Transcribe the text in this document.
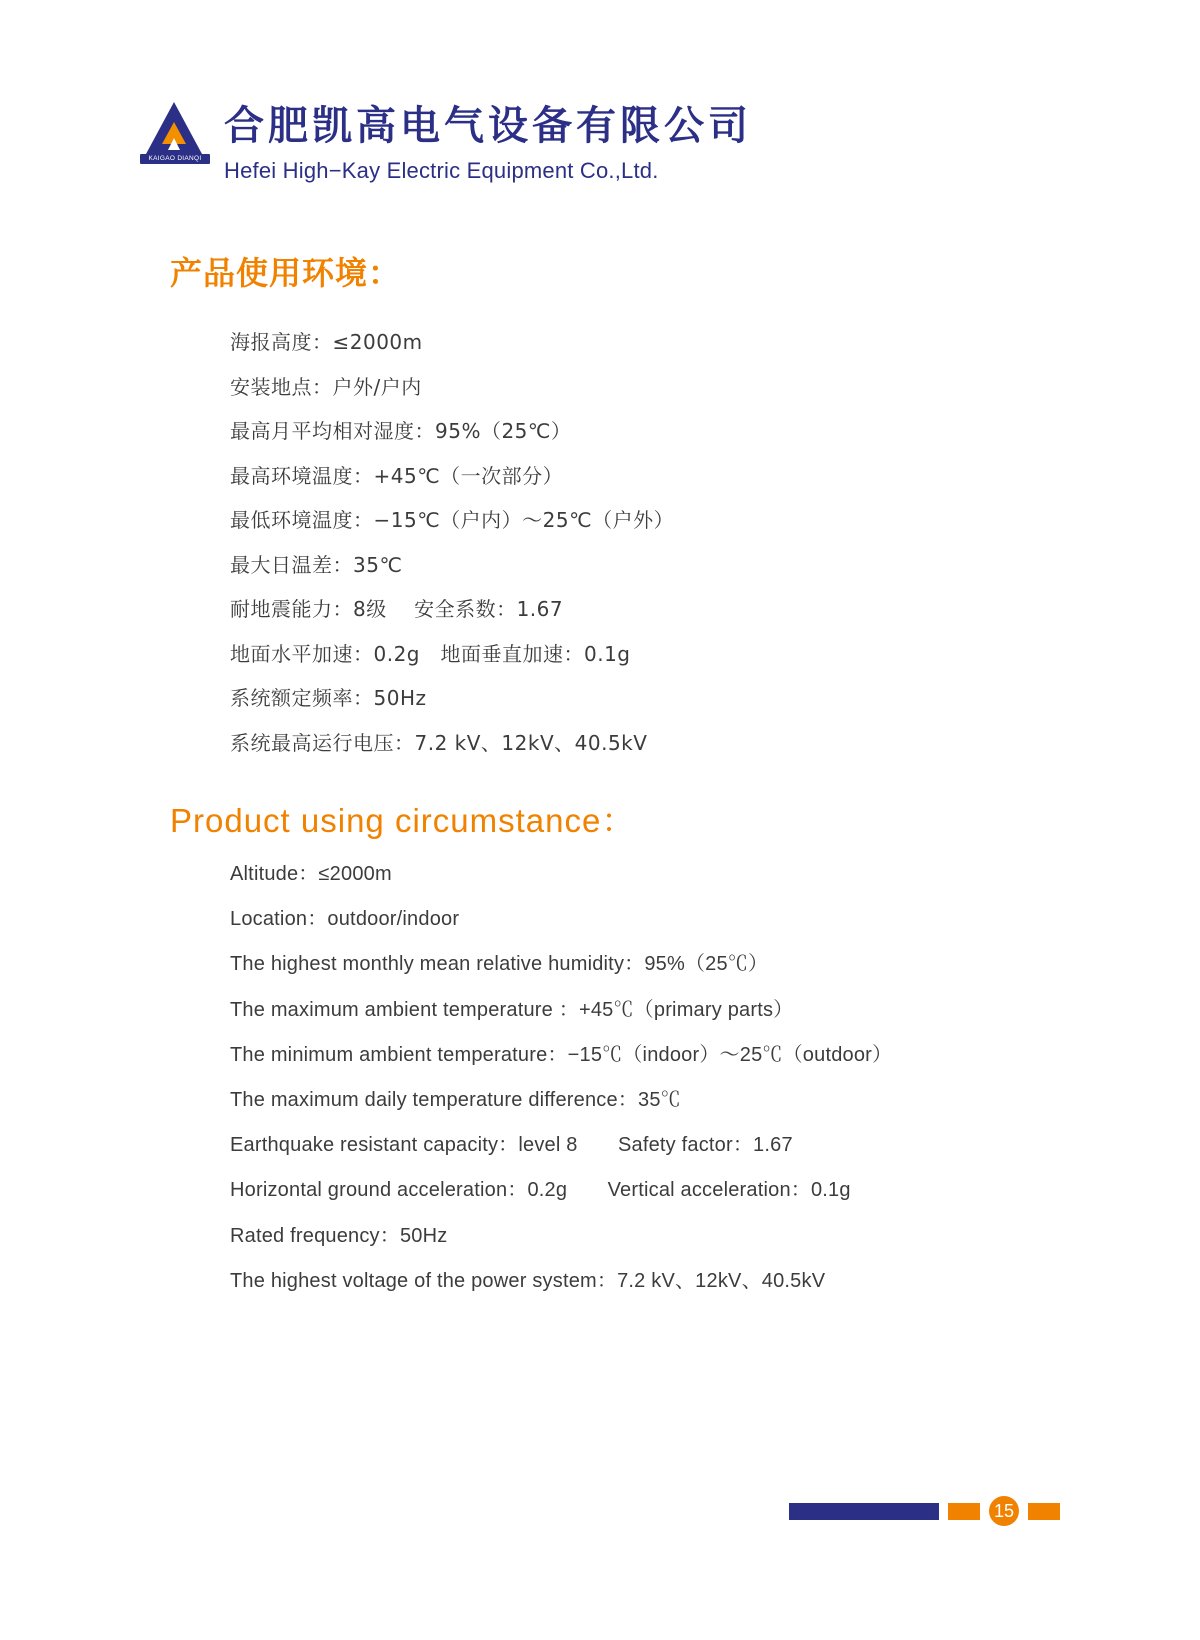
KAIGAO DIANQI
合肥凯高电气设备有限公司
Hefei High−Kay Electric Equipment Co.,Ltd.
产品使用环境：
海报高度：≤2000m
安装地点：户外/户内
最高月平均相对湿度：95%（25℃）
最高环境温度：+45℃（一次部分）
最低环境温度：−15℃（户内）～25℃（户外）
最大日温差：35℃
耐地震能力：8级　 安全系数：1.67
地面水平加速：0.2g　地面垂直加速：0.1g
系统额定频率：50Hz
系统最高运行电压：7.2 kV、12kV、40.5kV
Product using circumstance：
Altitude：≤2000m
Location：outdoor/indoor
The highest monthly mean relative humidity：95%（25℃）
The maximum ambient temperature ：+45℃（primary parts）
The minimum ambient temperature：−15℃（indoor）～25℃（outdoor）
The maximum daily temperature difference：35℃
Earthquake resistant capacity：level 8　　Safety factor：1.67
Horizontal ground acceleration：0.2g　　Vertical acceleration：0.1g
Rated frequency：50Hz
The highest voltage of the power system：7.2 kV、12kV、40.5kV
15
